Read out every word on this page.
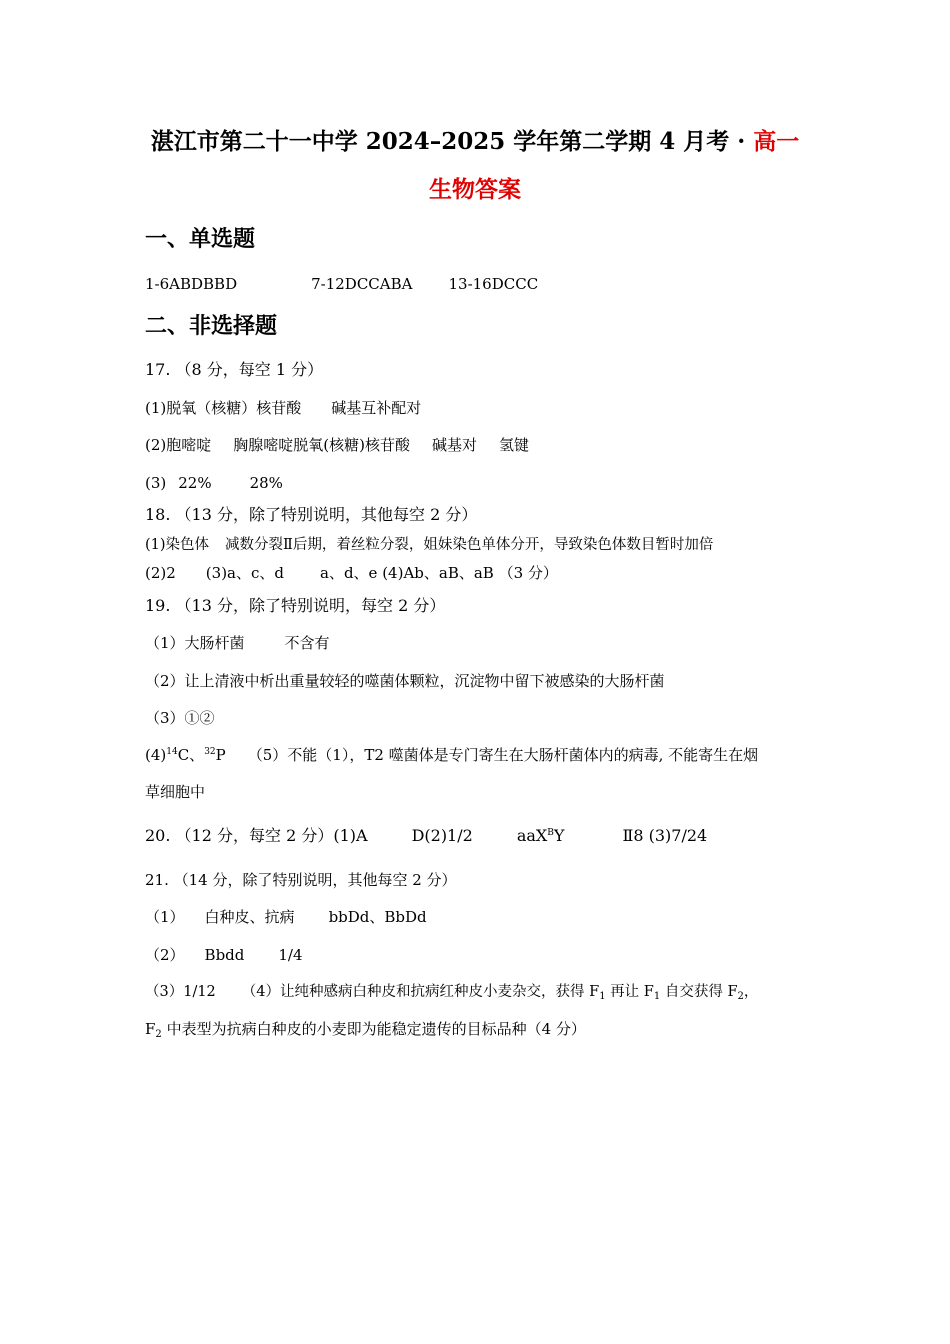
湛江市第二十一中学 2024–2025 学年第二学期 4 月考 · 高一
生物答案
一、单选题
1-6ABDBBD	7-12DCCABA 13-16DCCC
二、非选择题
17. （8 分，每空 1 分）
(1)脱氧（核糖）核苷酸 碱基互补配对
(2)胞嘧啶 胸腺嘧啶脱氧(核糖)核苷酸 碱基对 氢键
(3) 22%	28%
18. （13 分，除了特别说明，其他每空 2 分）
(1)染色体 减数分裂Ⅱ后期，着丝粒分裂，姐妹染色单体分开，导致染色体数目暂时加倍
(2)2 (3)a、c、d a、d、e (4)Ab、aB、aB （3 分）
19. （13 分，除了特别说明，每空 2 分）
（1）大肠杆菌	不含有
（2）让上清液中析出重量较轻的噬菌体颗粒，沉淀物中留下被感染的大肠杆菌
（3）①②
$(4)^{14}C$、$^{32}$P （5）不能（1），T2 噬菌体是专门寄生在大肠杆菌体内的病毒, 不能寄生在烟
草细胞中
20. （12 分，每空 2 分）(1)A	D(2)1/2	aaX$^B$Y	Ⅱ8 (3)7/24
21. （14 分，除了特别说明，其他每空 2 分）
（1） 白种皮、抗病 bbDd、BbDd
（2） Bbdd 1/4
（3）1/12 （4）让纯种感病白种皮和抗病红种皮小麦杂交，获得 $F_1$ 再让 $F_1$ 自交获得 $F_2$，
$F_2$ 中表型为抗病白种皮的小麦即为能稳定遗传的目标品种（4 分）
